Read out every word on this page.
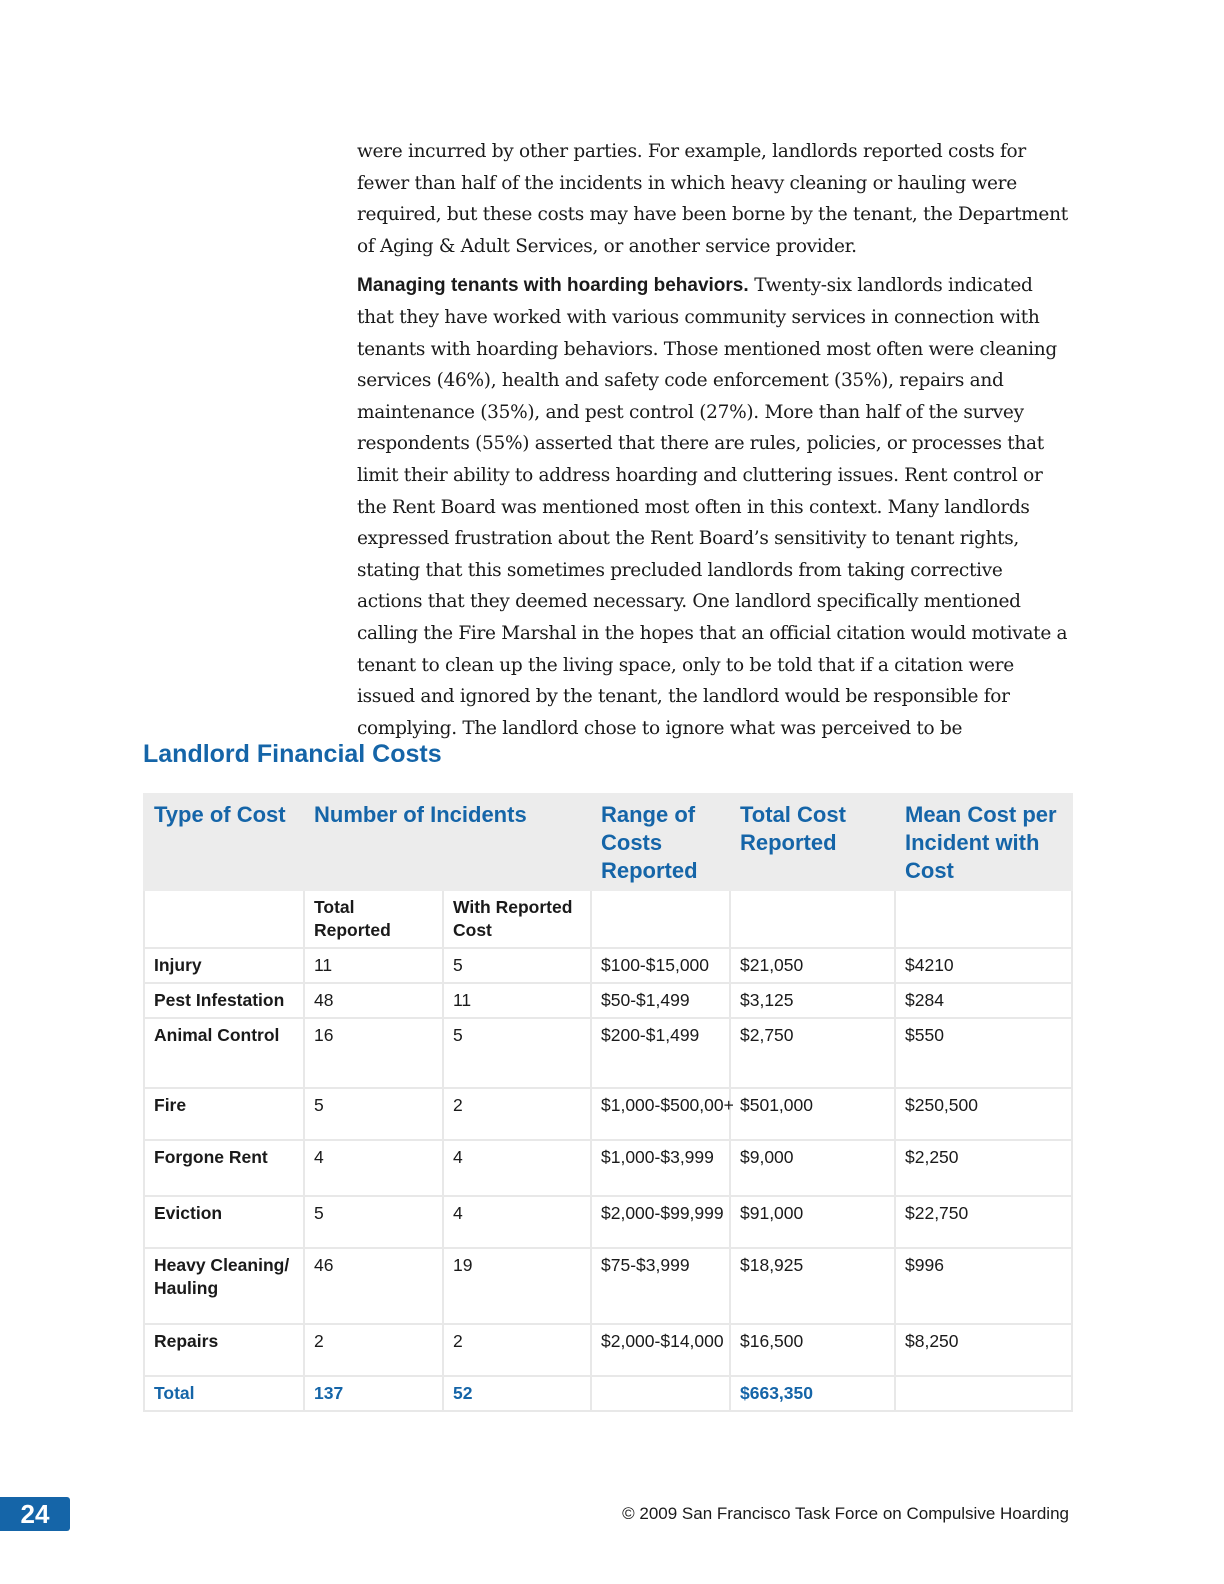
were incurred by other parties. For example, landlords reported costs for fewer than half of the incidents in which heavy cleaning or hauling were required, but these costs may have been borne by the tenant, the Department of Aging & Adult Services, or another service provider.

Managing tenants with hoarding behaviors. Twenty-six landlords indicated that they have worked with various community services in connection with tenants with hoarding behaviors. Those mentioned most often were cleaning services (46%), health and safety code enforcement (35%), repairs and maintenance (35%), and pest control (27%). More than half of the survey respondents (55%) asserted that there are rules, policies, or processes that limit their ability to address hoarding and cluttering issues. Rent control or the Rent Board was mentioned most often in this context. Many landlords expressed frustration about the Rent Board’s sensitivity to tenant rights, stating that this sometimes precluded landlords from taking corrective actions that they deemed necessary. One landlord specifically mentioned calling the Fire Marshal in the hopes that an official citation would motivate a tenant to clean up the living space, only to be told that if a citation were issued and ignored by the tenant, the landlord would be responsible for complying. The landlord chose to ignore what was perceived to be

Landlord Financial Costs
Type of Cost	Number of Incidents		Range of Costs Reported	Total Cost Reported	Mean Cost per Incident with Cost
	Total Reported	With Reported Cost			
Injury	11	5	$100-$15,000	$21,050	$4210
Pest Infestation	48	11	$50-$1,499	$3,125	$284
Animal Control	16	5	$200-$1,499	$2,750	$550
Fire	5	2	$1,000-$500,00+	$501,000	$250,500
Forgone Rent	4	4	$1,000-$3,999	$9,000	$2,250
Eviction	5	4	$2,000-$99,999	$91,000	$22,750
Heavy Cleaning/ Hauling	46	19	$75-$3,999	$18,925	$996
Repairs	2	2	$2,000-$14,000	$16,500	$8,250
Total	137	52		$663,350	
24	© 2009 San Francisco Task Force on Compulsive Hoarding
